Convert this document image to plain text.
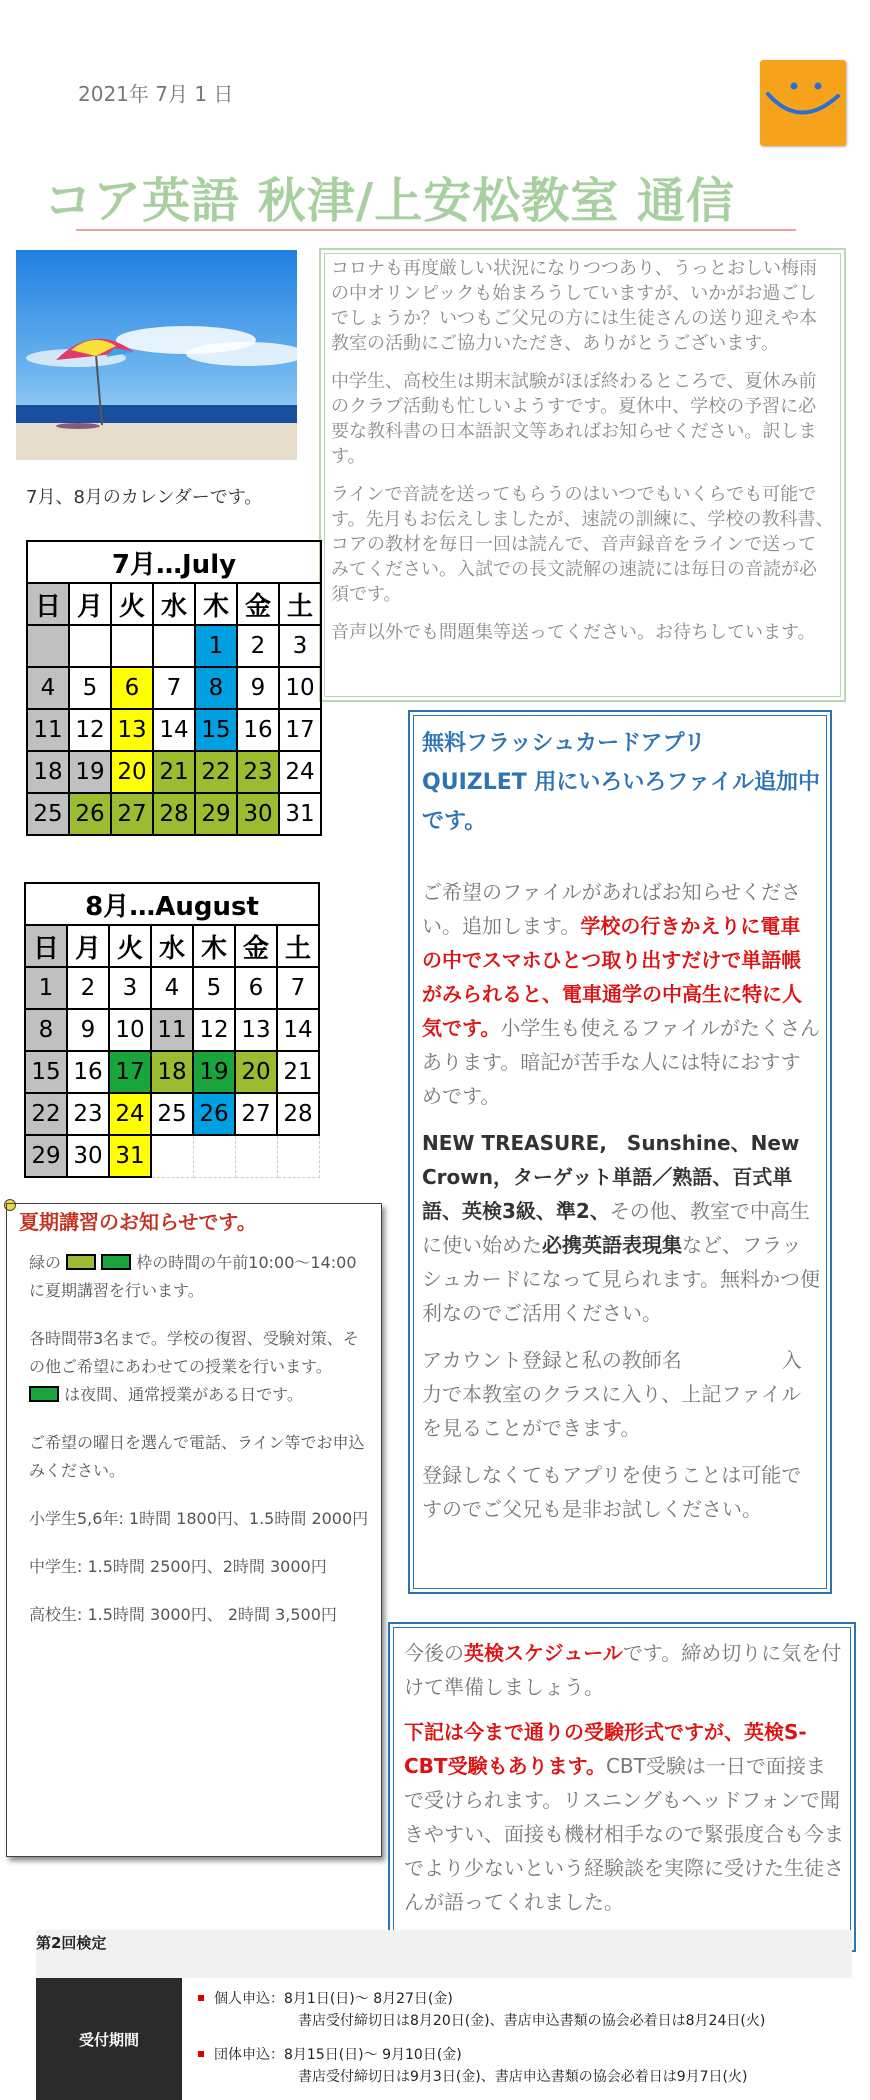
2021年 7月 1 日
コア英語 秋津/上安松教室 通信
7月、8月のカレンダーです。

コロナも再度厳しい状況になりつつあり、うっとおしい梅雨の中オリンピックも始まろうしていますが、いかがお過ごしでしょうか？いつもご父兄の方には生徒さんの送り迎えや本教室の活動にご協力いただき、ありがとうございます。

中学生、高校生は期末試験がほぼ終わるところで、夏休み前のクラブ活動も忙しいようすです。夏休中、学校の予習に必要な教科書の日本語訳文等あればお知らせください。訳します。

ラインで音読を送ってもらうのはいつでもいくらでも可能です。先月もお伝えしましたが、速読の訓練に、学校の教科書、コアの教材を毎日一回は読んで、音声録音をラインで送ってみてください。入試での長文読解の速読には毎日の音読が必須です。

音声以外でも問題集等送ってください。お待ちしています。

7月…July						
日	月	火	水	木	金	土
				1	2	3
4	5	6	7	8	9	10
11	12	13	14	15	16	17
18	19	20	21	22	23	24
25	26	27	28	29	30	31
8月…August						
日	月	火	水	木	金	土
1	2	3	4	5	6	7
8	9	10	11	12	13	14
15	16	17	18	19	20	21
22	23	24	25	26	27	28
29	30	31				
無料フラッシュカードアプリ
QUIZLET 用にいろいろファイル追加中です。

ご希望のファイルがあればお知らせください。追加します。学校の行きかえりに電車の中でスマホひとつ取り出すだけで単語帳がみられると、電車通学の中高生に特に人気です。小学生も使えるファイルがたくさんあります。暗記が苦手な人には特におすすめです。

NEW TREASURE,　Sunshine、New Crown，ターゲット単語／熟語、百式単語、英検3級、準2、その他、教室で中高生に使い始めた必携英語表現集など、フラッシュカードになって見られます。無料かつ便利なのでご活用ください。

アカウント登録と私の教師名　　　　　入力で本教室のクラスに入り、上記ファイルを見ることができます。

登録しなくてもアプリを使うことは可能ですのでご父兄も是非お試しください。

夏期講習のお知らせです。

緑の	枠の時間の午前10:00～14:00に夏期講習を行います。

各時間帯3名まで。学校の復習、受験対策、その他ご希望にあわせての授業を行います。    は夜間、通常授業がある日です。

ご希望の曜日を選んで電話、ライン等でお申込みください。

小学生5,6年: 1時間 1800円、1.5時間 2000円

中学生: 1.5時間 2500円、2時間 3000円

高校生: 1.5時間 3000円、 2時間 3,500円

今後の英検スケジュールです。締め切りに気を付けて準備しましょう。

下記は今まで通りの受験形式ですが、英検S-CBT受験もあります。CBT受験は一日で面接まで受けられます。リスニングもヘッドフォンで聞きやすい、面接も機材相手なので緊張度合も今までより少ないという経験談を実際に受けた生徒さんが語ってくれました。

第2回検定
受付期間
個人申込：8月1日(日)～ 8月27日(金)
書店受付締切日は8月20日(金)、書店申込書類の協会必着日は8月24日(火)
団体申込：8月15日(日)～ 9月10日(金)
書店受付締切日は9月3日(金)、書店申込書類の協会必着日は9月7日(火)
